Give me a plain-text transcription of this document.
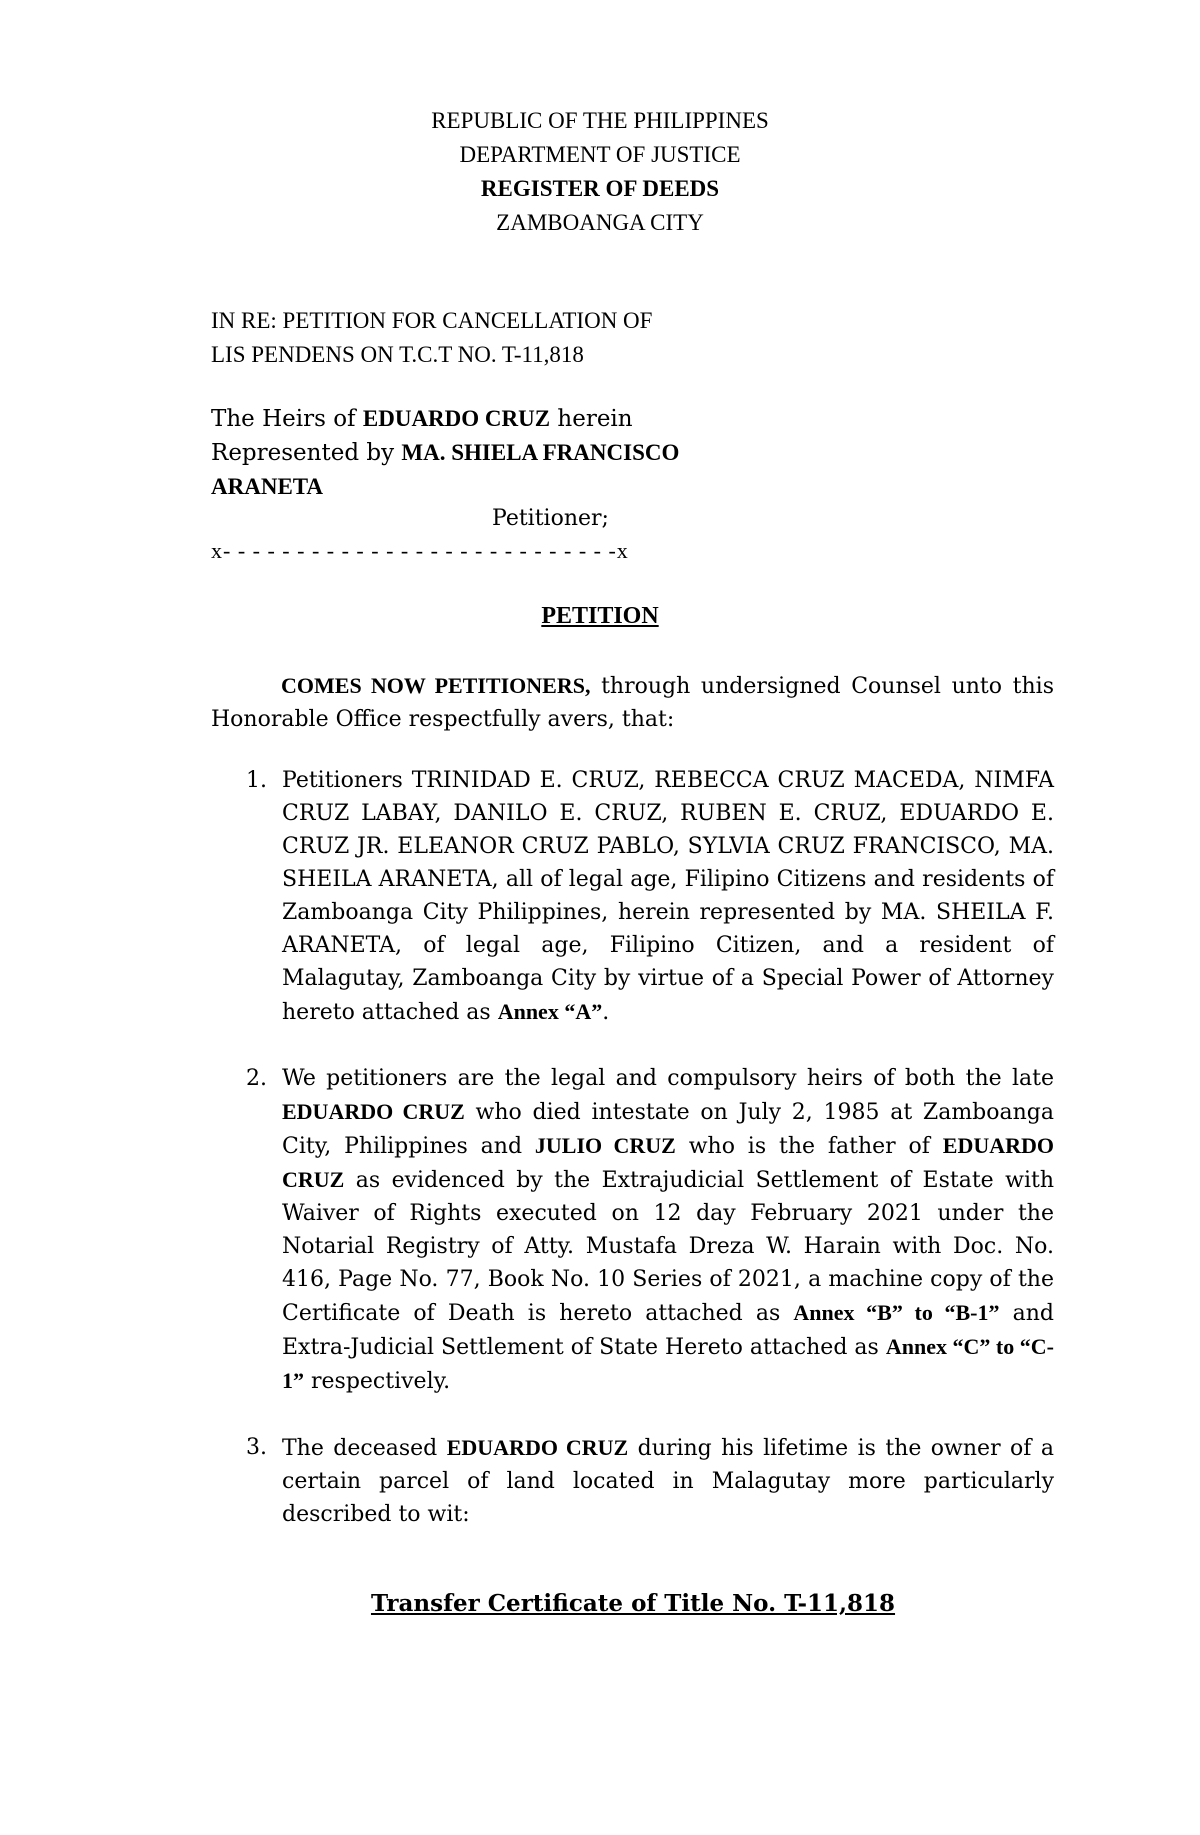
REPUBLIC OF THE PHILIPPINES
DEPARTMENT OF JUSTICE
REGISTER OF DEEDS
ZAMBOANGA CITY
IN RE: PETITION FOR CANCELLATION OF
LIS PENDENS ON T.C.T NO. T-11,818
The Heirs of EDUARDO CRUZ herein
Represented by MA. SHIELA FRANCISCO
ARANETA
Petitioner;
x- - - - - - - - - - - - - - - - - - - - - - - - - - -x
PETITION
COMES NOW PETITIONERS, through undersigned Counsel unto this Honorable Office respectfully avers, that:
1. Petitioners TRINIDAD E. CRUZ, REBECCA CRUZ MACEDA, NIMFA CRUZ LABAY, DANILO E. CRUZ, RUBEN E. CRUZ, EDUARDO E. CRUZ JR. ELEANOR CRUZ PABLO, SYLVIA CRUZ FRANCISCO, MA. SHEILA ARANETA, all of legal age, Filipino Citizens and residents of Zamboanga City Philippines, herein represented by MA. SHEILA F. ARANETA, of legal age, Filipino Citizen, and a resident of Malagutay, Zamboanga City by virtue of a Special Power of Attorney hereto attached as Annex “A”.
2. We petitioners are the legal and compulsory heirs of both the late EDUARDO CRUZ who died intestate on July 2, 1985 at Zamboanga City, Philippines and JULIO CRUZ who is the father of EDUARDO CRUZ as evidenced by the Extrajudicial Settlement of Estate with Waiver of Rights executed on 12 day February 2021 under the Notarial Registry of Atty. Mustafa Dreza W. Harain with Doc. No. 416, Page No. 77, Book No. 10 Series of 2021, a machine copy of the Certificate of Death is hereto attached as Annex “B” to “B-1” and Extra-Judicial Settlement of State Hereto attached as Annex “C” to “C-1” respectively.
3. The deceased EDUARDO CRUZ during his lifetime is the owner of a certain parcel of land located in Malagutay more particularly described to wit:
Transfer Certificate of Title No. T-11,818
